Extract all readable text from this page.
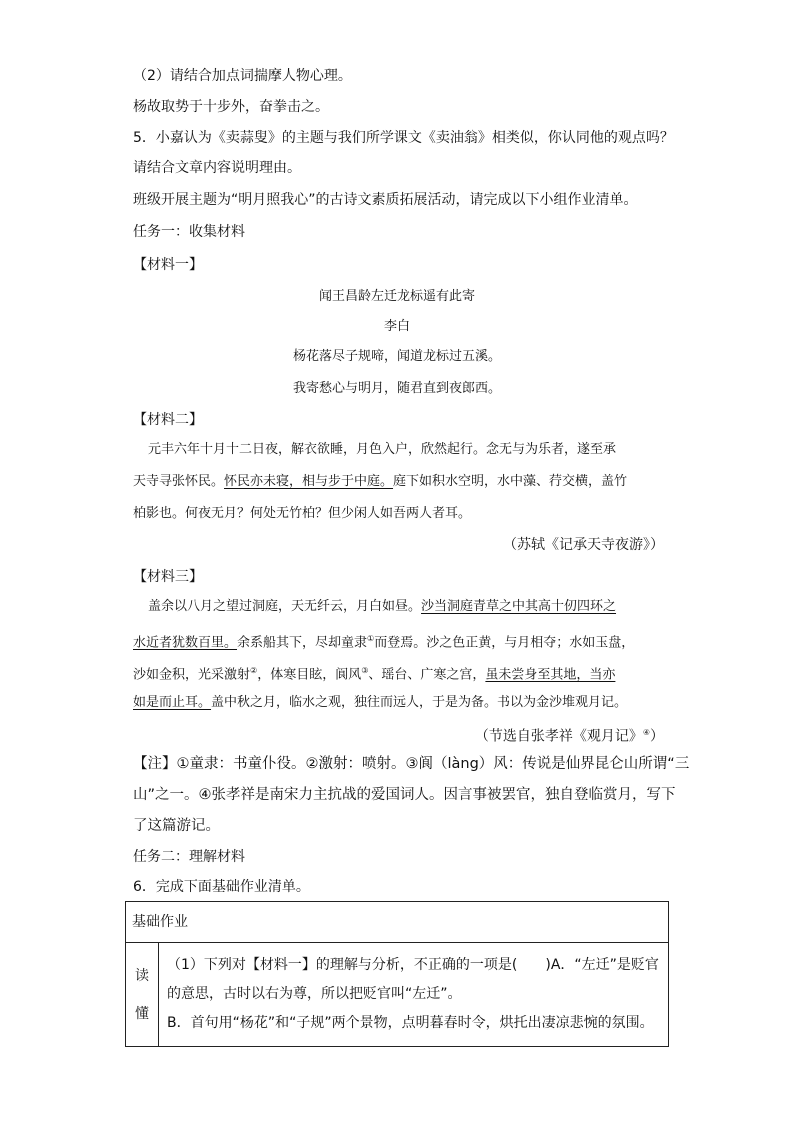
（2）请结合加点词揣摩人物心理。
杨故取势于十步外，奋拳击之。
5．小嘉认为《卖蒜叟》的主题与我们所学课文《卖油翁》相类似，你认同他的观点吗？
请结合文章内容说明理由。
班级开展主题为“明月照我心”的古诗文素质拓展活动，请完成以下小组作业清单。
任务一：收集材料
【材料一】
闻王昌龄左迁龙标遥有此寄
李白
杨花落尽子规啼，闻道龙标过五溪。
我寄愁心与明月，随君直到夜郎西。
【材料二】
元丰六年十月十二日夜，解衣欲睡，月色入户，欣然起行。念无与为乐者，遂至承
天寺寻张怀民。怀民亦未寝，相与步于中庭。庭下如积水空明，水中藻、荇交横，盖竹
柏影也。何夜无月？何处无竹柏？但少闲人如吾两人者耳。
（苏轼《记承天寺夜游》）
【材料三】
盖余以八月之望过洞庭，天无纤云，月白如昼。沙当洞庭青草之中其高十仞四环之
水近者犹数百里。余系船其下，尽却童隶①而登焉。沙之色正黄，与月相夺；水如玉盘，
沙如金积，光采激射②，体寒目眩，阆风③、瑶台、广寒之宫，虽未尝身至其地，当亦
如是而止耳。盖中秋之月，临水之观，独往而远人，于是为备。书以为金沙堆观月记。
（节选自张孝祥《观月记》④）
【注】①童隶：书童仆役。②激射：喷射。③阆（làng）风：传说是仙界昆仑山所谓“三
山”之一。④张孝祥是南宋力主抗战的爱国词人。因言事被罢官，独自登临赏月，写下
了这篇游记。
任务二：理解材料
6．完成下面基础作业清单。
基础作业

读
懂

（1）下列对【材料一】的理解与分析，不正确的一项是(　　)A．“左迁”是贬官
的意思，古时以右为尊，所以把贬官叫“左迁”。
B．首句用“杨花”和“子规”两个景物，点明暮春时令，烘托出凄凉悲惋的氛围。
